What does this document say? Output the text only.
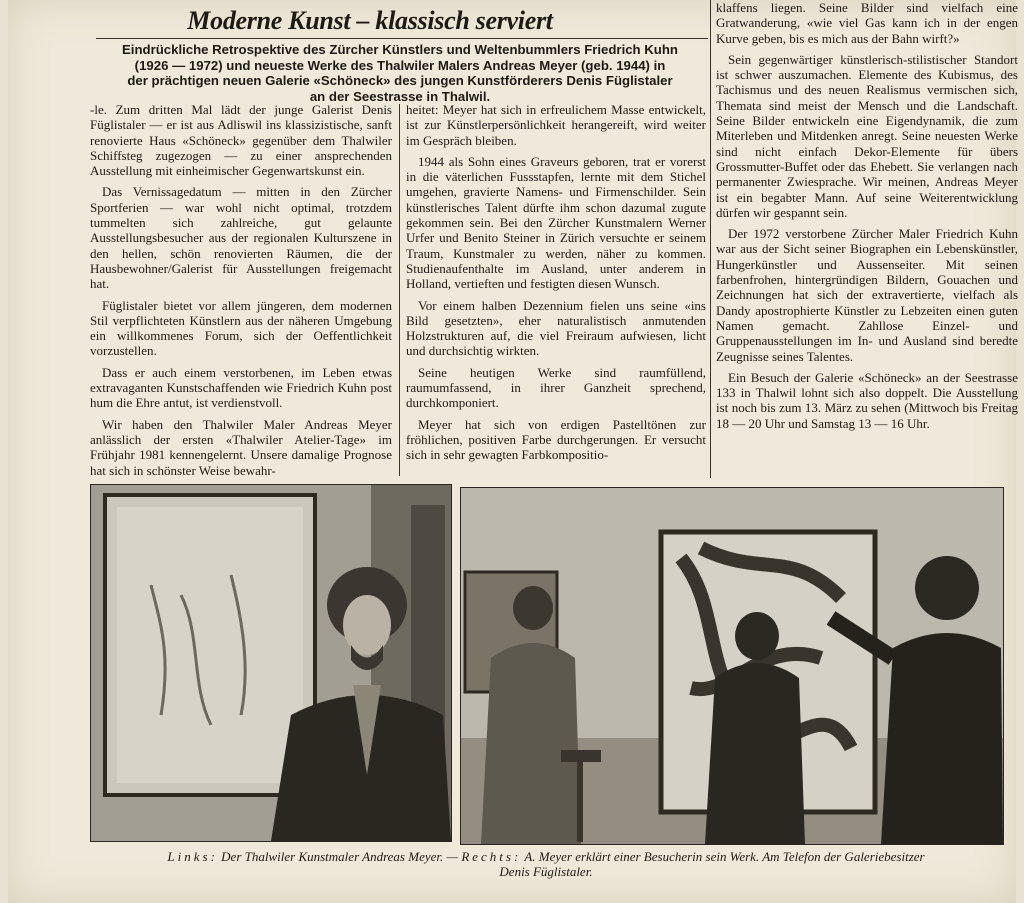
Moderne Kunst – klassisch serviert
Eindrückliche Retrospektive des Zürcher Künstlers und Weltenbummlers Friedrich Kuhn
(1926 — 1972) und neueste Werke des Thalwiler Malers Andreas Meyer (geb. 1944) in
der prächtigen neuen Galerie «Schöneck» des jungen Kunstförderers Denis Füglistaler
an der Seestrasse in Thalwil.

-le. Zum dritten Mal lädt der junge Galerist Denis Füglistaler — er ist aus Adliswil ins klassizistische, sanft renovierte Haus «Schöneck» gegenüber dem Thalwiler Schiffsteg zugezogen — zu einer ansprechenden Ausstellung mit einheimischer Gegenwartskunst ein.

Das Vernissagedatum — mitten in den Zürcher Sportferien — war wohl nicht optimal, trotzdem tummelten sich zahlreiche, gut gelaunte Ausstellungsbesucher aus der regionalen Kulturszene in den hellen, schön renovierten Räumen, die der Hausbewohner/Galerist für Ausstellungen freigemacht hat.

Füglistaler bietet vor allem jüngeren, dem modernen Stil verpflichteten Künstlern aus der näheren Umgebung ein willkommenes Forum, sich der Oeffentlichkeit vorzustellen.

Dass er auch einem verstorbenen, im Leben etwas extravaganten Kunstschaffenden wie Friedrich Kuhn post hum die Ehre antut, ist verdienstvoll.

Wir haben den Thalwiler Maler Andreas Meyer anlässlich der ersten «Thalwiler Atelier-Tage» im Frühjahr 1981 kennengelernt. Unsere damalige Prognose hat sich in schönster Weise bewahr-

heitet: Meyer hat sich in erfreulichem Masse entwickelt, ist zur Künstlerpersönlichkeit herangereift, wird weiter im Gespräch bleiben.

1944 als Sohn eines Graveurs geboren, trat er vorerst in die väterlichen Fussstapfen, lernte mit dem Stichel umgehen, gravierte Namens- und Firmenschilder. Sein künstlerisches Talent dürfte ihm schon dazumal zugute gekommen sein. Bei den Zürcher Kunstmalern Werner Urfer und Benito Steiner in Zürich versuchte er seinem Traum, Kunstmaler zu werden, näher zu kommen. Studienaufenthalte im Ausland, unter anderem in Holland, vertieften und festigten diesen Wunsch.

Vor einem halben Dezennium fielen uns seine «ins Bild gesetzten», eher naturalistisch anmutenden Holzstrukturen auf, die viel Freiraum aufwiesen, licht und durchsichtig wirkten.

Seine heutigen Werke sind raumfüllend, raumumfassend, in ihrer Ganzheit sprechend, durchkomponiert.

Meyer hat sich von erdigen Pastelltönen zur fröhlichen, positiven Farbe durchgerungen. Er versucht sich in sehr gewagten Farbkompositio-

klaffens liegen. Seine Bilder sind vielfach eine Gratwanderung, «wie viel Gas kann ich in der engen Kurve geben, bis es mich aus der Bahn wirft?»

Sein gegenwärtiger künstlerisch-stilistischer Standort ist schwer auszumachen. Elemente des Kubismus, des Tachismus und des neuen Realismus vermischen sich, Themata sind meist der Mensch und die Landschaft. Seine Bilder entwickeln eine Eigendynamik, die zum Miterleben und Mitdenken anregt. Seine neuesten Werke sind nicht einfach Dekor-Elemente für übers Grossmutter-Buffet oder das Ehebett. Sie verlangen nach permanenter Zwiesprache. Wir meinen, Andreas Meyer ist ein begabter Mann. Auf seine Weiterentwicklung dürfen wir gespannt sein.

Der 1972 verstorbene Zürcher Maler Friedrich Kuhn war aus der Sicht seiner Biographen ein Lebenskünstler, Hungerkünstler und Aussenseiter. Mit seinen farbenfrohen, hintergründigen Bildern, Gouachen und Zeichnungen hat sich der extravertierte, vielfach als Dandy apostrophierte Künstler zu Lebzeiten einen guten Namen gemacht. Zahllose Einzel- und Gruppenausstellungen im In- und Ausland sind beredte Zeugnisse seines Talentes.

Ein Besuch der Galerie «Schöneck» an der Seestrasse 133 in Thalwil lohnt sich also doppelt. Die Ausstellung ist noch bis zum 13. März zu sehen (Mittwoch bis Freitag 18 — 20 Uhr und Samstag 13 — 16 Uhr.

Links: Der Thalwiler Kunstmaler Andreas Meyer. — Rechts: A. Meyer erklärt einer Besucherin sein Werk. Am Telefon der Galeriebesitzer
Denis Füglistaler.
